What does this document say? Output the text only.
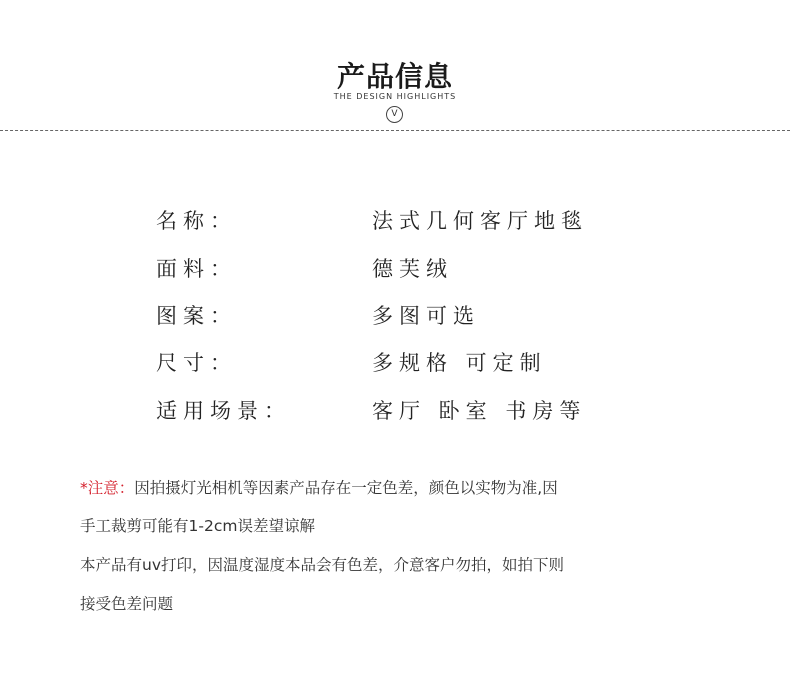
产品信息
THE DESIGN HIGHLIGHTS
V
名称：	法式几何客厅地毯
面料：	德芙绒
图案：	多图可选
尺寸：	多规格 可定制
适用场景：	客厅 卧室 书房等
*注意：因拍摄灯光相机等因素产品存在一定色差，颜色以实物为准,因
手工裁剪可能有1-2cm误差望谅解
本产品有uv打印，因温度湿度本品会有色差，介意客户勿拍，如拍下则
接受色差问题
